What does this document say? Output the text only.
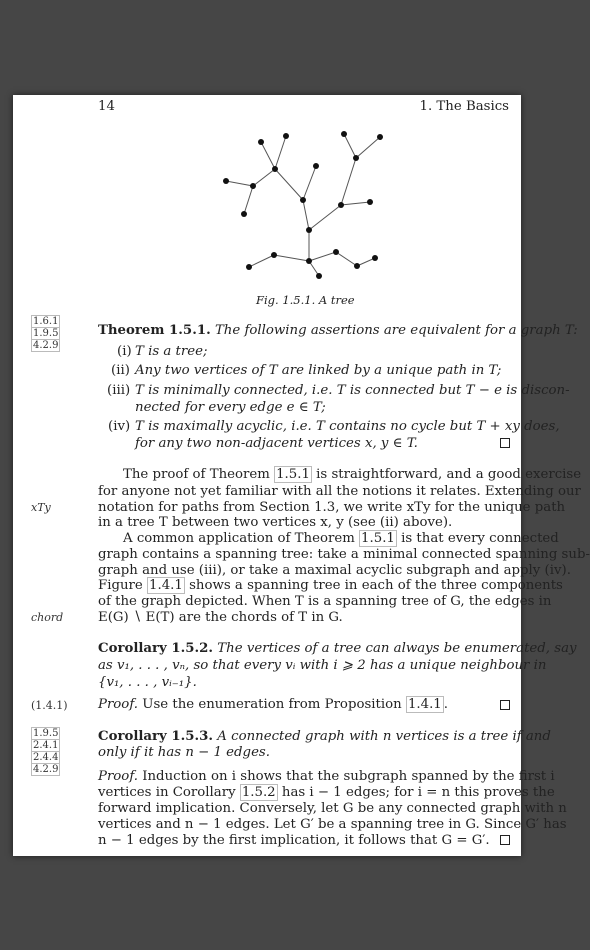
14	1. The Basics
Fig. 1.5.1. A tree
1.6.1
1.9.5
4.2.9
Theorem 1.5.1. The following assertions are equivalent for a graph T:
(i) T is a tree;
(ii) Any two vertices of T are linked by a unique path in T;
(iii) T is minimally connected, i.e. T is connected but T − e is discon-
nected for every edge e ∈ T;
(iv) T is maximally acyclic, i.e. T contains no cycle but T + xy does,
for any two non-adjacent vertices x, y ∈ T.
The proof of Theorem 1.5.1 is straightforward, and a good exercise
for anyone not yet familiar with all the notions it relates. Extending our
xTy	notation for paths from Section 1.3, we write xTy for the unique path
in a tree T between two vertices x, y (see (ii) above).
A common application of Theorem 1.5.1 is that every connected
graph contains a spanning tree: take a minimal connected spanning sub-
graph and use (iii), or take a maximal acyclic subgraph and apply (iv).
Figure 1.4.1 shows a spanning tree in each of the three components
of the graph depicted. When T is a spanning tree of G, the edges in
chord	E(G) ∖ E(T) are the chords of T in G.
Corollary 1.5.2. The vertices of a tree can always be enumerated, say
as v₁, . . . , vₙ, so that every vᵢ with i ⩾ 2 has a unique neighbour in
{v₁, . . . , vᵢ₋₁}.
(1.4.1) Proof. Use the enumeration from Proposition 1.4.1 .
1.9.5
2.4.1
2.4.4
4.2.9
Corollary 1.5.3. A connected graph with n vertices is a tree if and
only if it has n − 1 edges.
Proof. Induction on i shows that the subgraph spanned by the first i
vertices in Corollary 1.5.2 has i − 1 edges; for i = n this proves the
forward implication. Conversely, let G be any connected graph with n
vertices and n − 1 edges. Let G′ be a spanning tree in G. Since G′ has
n − 1 edges by the first implication, it follows that G = G′.
